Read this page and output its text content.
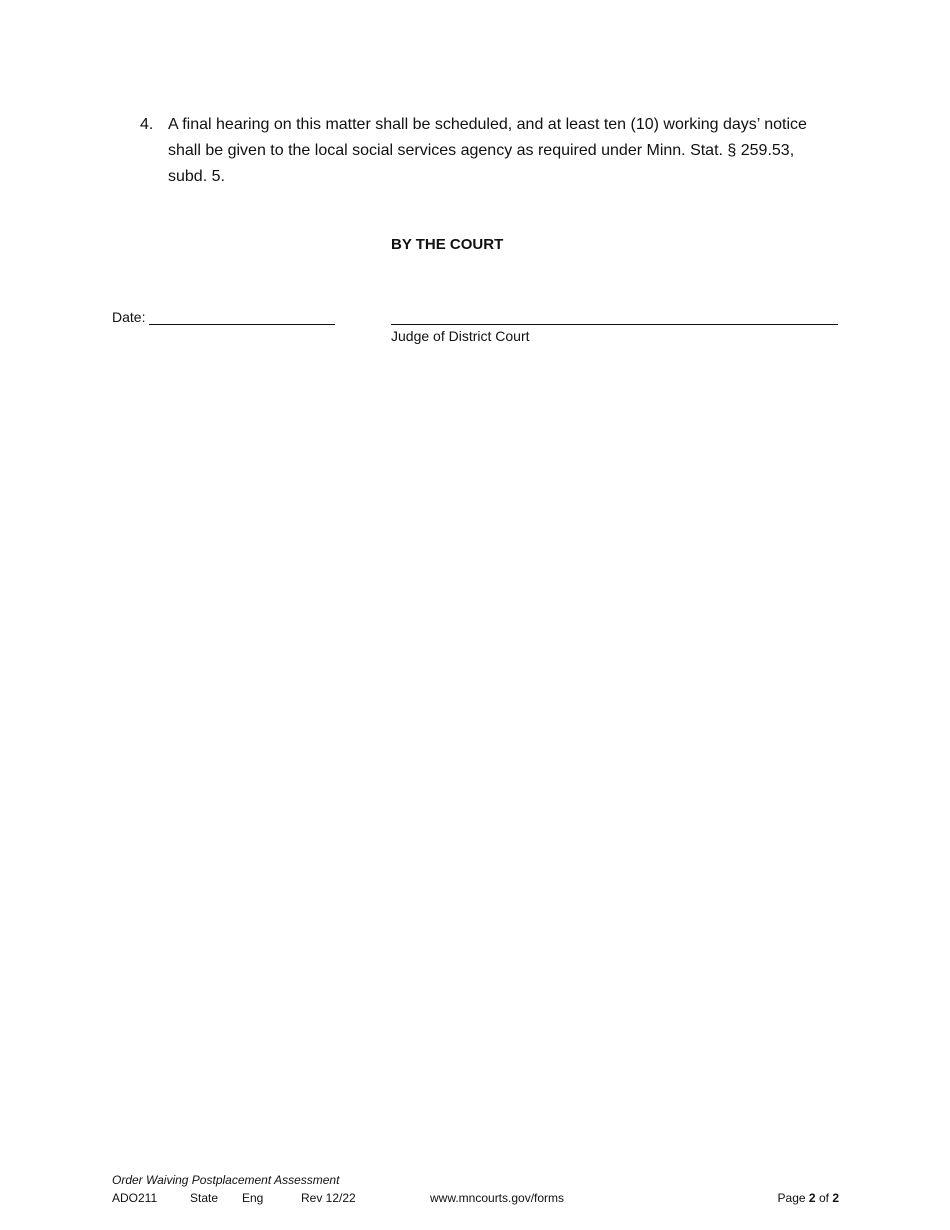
4. A final hearing on this matter shall be scheduled, and at least ten (10) working days’ notice shall be given to the local social services agency as required under Minn. Stat. § 259.53, subd. 5.
BY THE COURT
Date:
Judge of District Court
Order Waiving Postplacement Assessment
ADO211	State Eng	Rev 12/22	www.mncourts.gov/forms	Page 2 of 2
